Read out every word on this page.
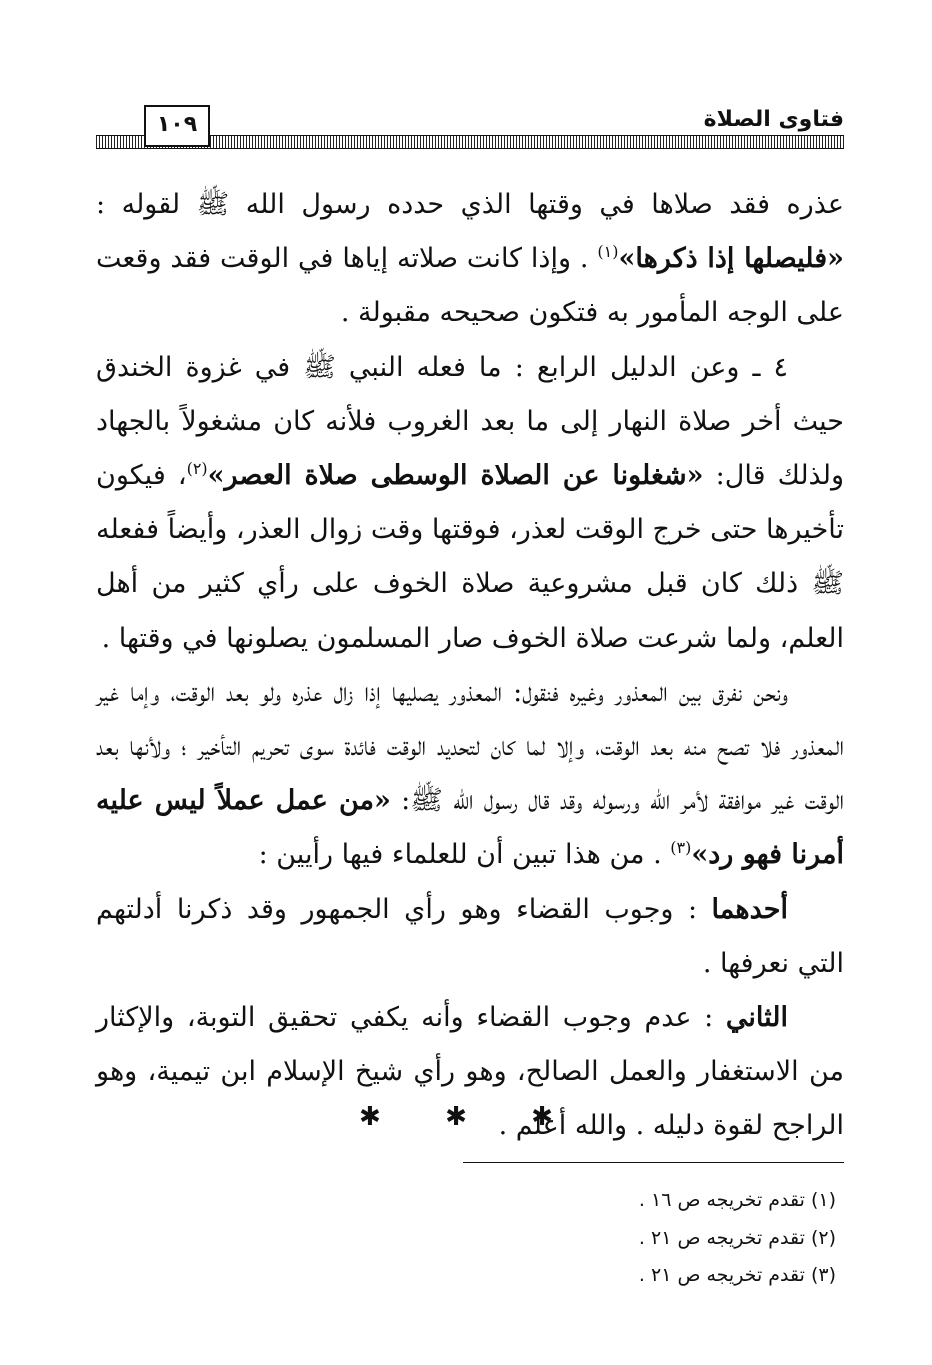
١٠٩	فتاوى الصلاة

عذره فقد صلاها في وقتها الذي حدده رسول الله ﷺ لقوله : «فليصلها إذا ذكرها»$^{(١)}$ . وإذا كانت صلاته إياها في الوقت فقد وقعت على الوجه المأمور به فتكون صحيحه مقبولة .

٤ ـ وعن الدليل الرابع : ما فعله النبي ﷺ في غزوة الخندق حيث أخر صلاة النهار إلى ما بعد الغروب فلأنه كان مشغولاً بالجهاد ولذلك قال: «شغلونا عن الصلاة الوسطى صلاة العصر»$^{(٢)}$، فيكون تأخيرها حتى خرج الوقت لعذر، فوقتها وقت زوال العذر، وأيضاً ففعله ﷺ ذلك كان قبل مشروعية صلاة الخوف على رأي كثير من أهل العلم، ولما شرعت صلاة الخوف صار المسلمون يصلونها في وقتها .

ونحن نفرق بين المعذور وغيره فنقول: المعذور يصليها إذا زال عذره ولو بعد الوقت، وإما غير المعذور فلا تصح منه بعد الوقت، وإلا لما كان لتحديد الوقت فائدة سوى تحريم التأخير ؛ ولأنها بعد الوقت غير موافقة لأمر الله ورسوله وقد قال رسول الله ﷺ: «من عمل عملاً ليس عليه أمرنا فهو رد»$^{(٣)}$ . من هذا تبين أن للعلماء فيها رأيين :

أحدهما : وجوب القضاء وهو رأي الجمهور وقد ذكرنا أدلتهم التي نعرفها .

الثاني : عدم وجوب القضاء وأنه يكفي تحقيق التوبة، والإكثار من الاستغفار والعمل الصالح، وهو رأي شيخ الإسلام ابن تيمية، وهو الراجح لقوة دليله . والله أعلم .

✱ ✱ ✱

(١) تقدم تخريجه ص ١٦ .

(٢) تقدم تخريجه ص ٢١ .

(٣) تقدم تخريجه ص ٢١ .
